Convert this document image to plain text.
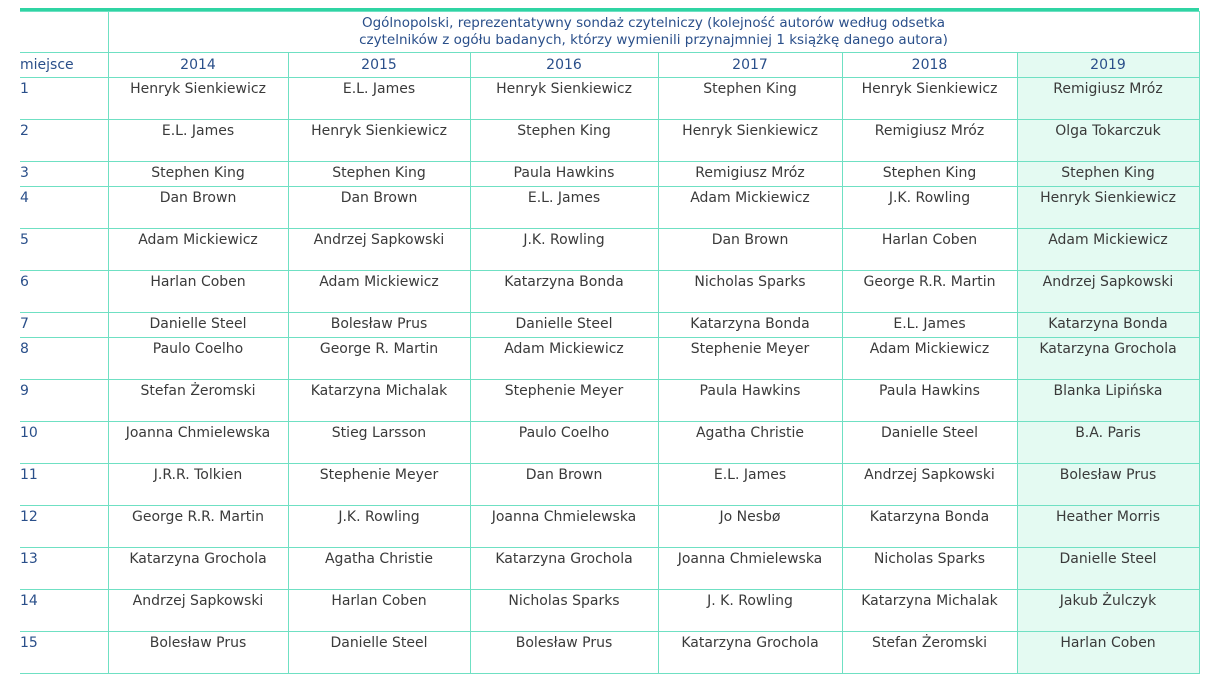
	Ogólnopolski, reprezentatywny sondaż czytelniczy (kolejność autorów według odsetka
czytelników z ogółu badanych, którzy wymienili przynajmniej 1 książkę danego autora)					

miejsce	2014	2015	2016	2017	2018	2019
1	Henryk Sienkiewicz	E.L. James	Henryk Sienkiewicz	Stephen King	Henryk Sienkiewicz	Remigiusz Mróz
2	E.L. James	Henryk Sienkiewicz	Stephen King	Henryk Sienkiewicz	Remigiusz Mróz	Olga Tokarczuk
3	Stephen King	Stephen King	Paula Hawkins	Remigiusz Mróz	Stephen King	Stephen King
4	Dan Brown	Dan Brown	E.L. James	Adam Mickiewicz	J.K. Rowling	Henryk Sienkiewicz
5	Adam Mickiewicz	Andrzej Sapkowski	J.K. Rowling	Dan Brown	Harlan Coben	Adam Mickiewicz
6	Harlan Coben	Adam Mickiewicz	Katarzyna Bonda	Nicholas Sparks	George R.R. Martin	Andrzej Sapkowski
7	Danielle Steel	Bolesław Prus	Danielle Steel	Katarzyna Bonda	E.L. James	Katarzyna Bonda
8	Paulo Coelho	George R. Martin	Adam Mickiewicz	Stephenie Meyer	Adam Mickiewicz	Katarzyna Grochola
9	Stefan Żeromski	Katarzyna Michalak	Stephenie Meyer	Paula Hawkins	Paula Hawkins	Blanka Lipińska
10	Joanna Chmielewska	Stieg Larsson	Paulo Coelho	Agatha Christie	Danielle Steel	B.A. Paris
11	J.R.R. Tolkien	Stephenie Meyer	Dan Brown	E.L. James	Andrzej Sapkowski	Bolesław Prus
12	George R.R. Martin	J.K. Rowling	Joanna Chmielewska	Jo Nesbø	Katarzyna Bonda	Heather Morris
13	Katarzyna Grochola	Agatha Christie	Katarzyna Grochola	Joanna Chmielewska	Nicholas Sparks	Danielle Steel
14	Andrzej Sapkowski	Harlan Coben	Nicholas Sparks	J. K. Rowling	Katarzyna Michalak	Jakub Żulczyk
15	Bolesław Prus	Danielle Steel	Bolesław Prus	Katarzyna Grochola	Stefan Żeromski	Harlan Coben
